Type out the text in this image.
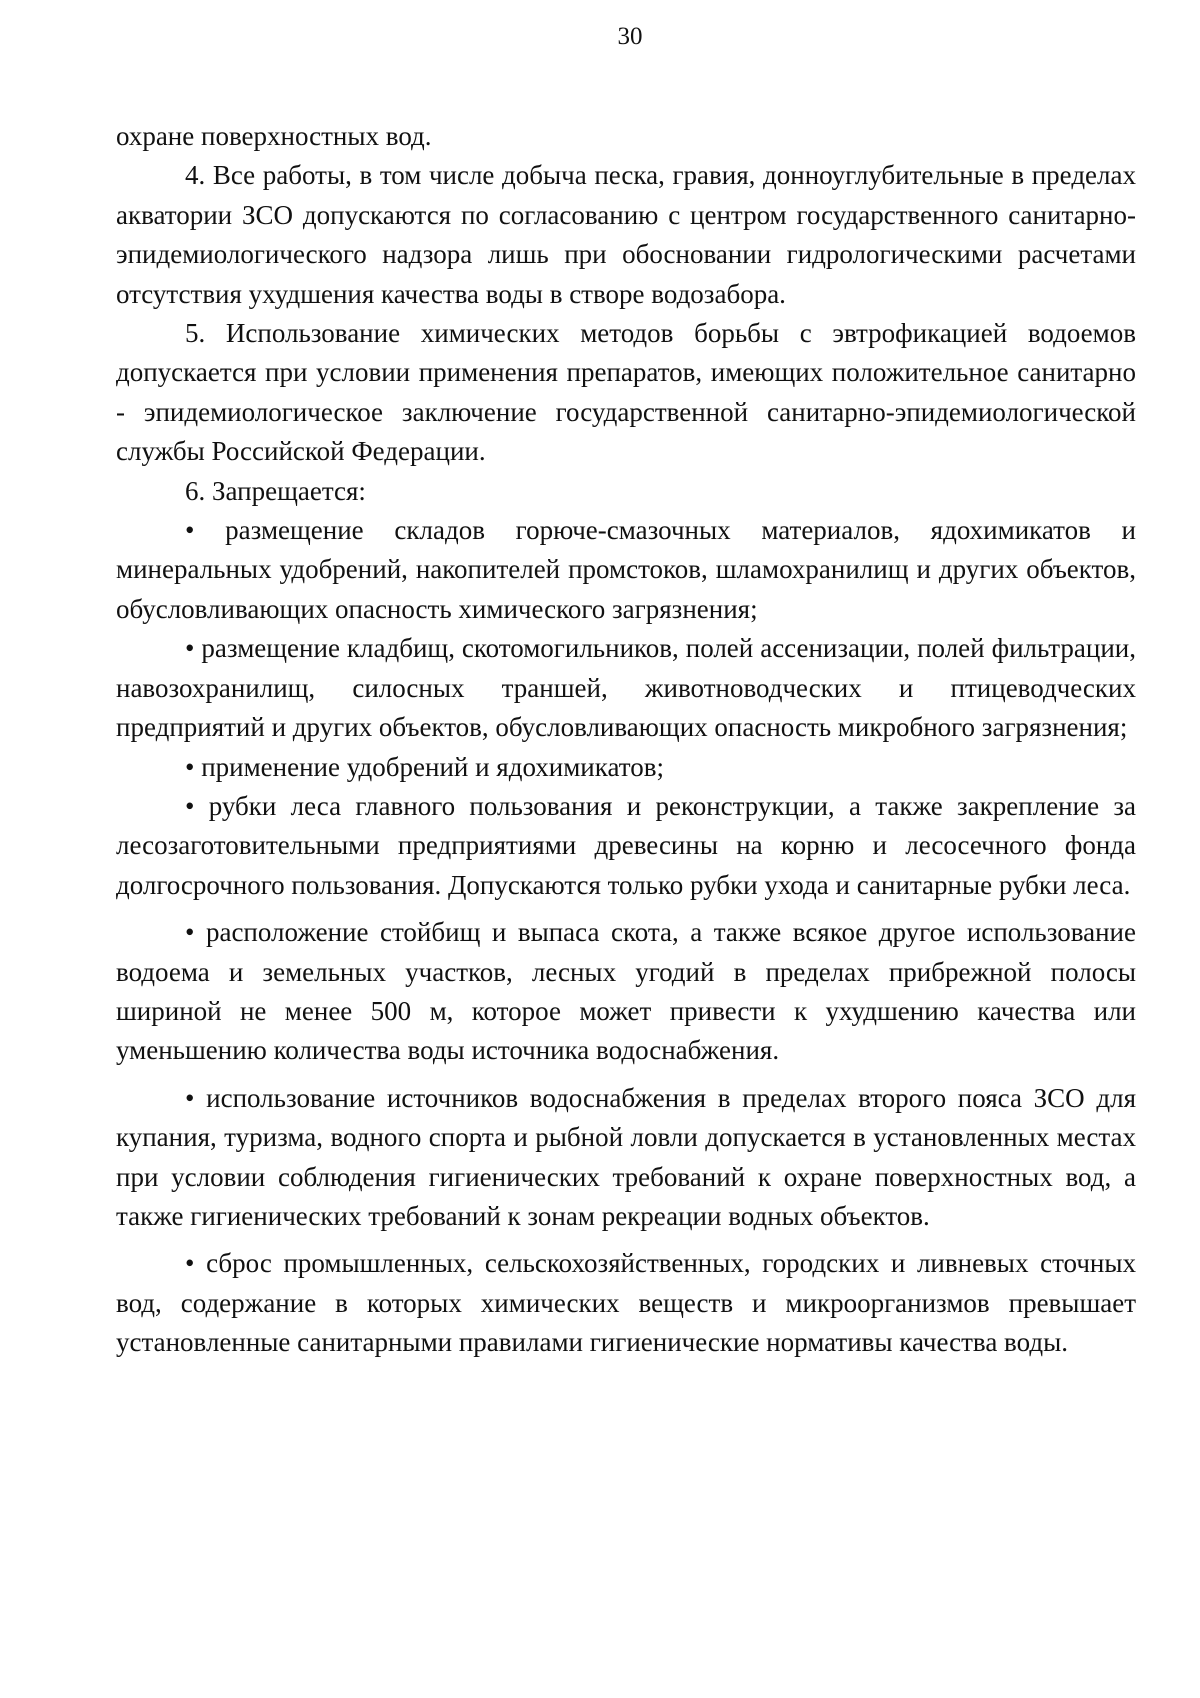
30

охране поверхностных вод.

4. Все работы, в том числе добыча песка, гравия, донноуглубительные в пределах акватории ЗСО допускаются по согласованию с центром государственного санитарно-эпидемиологического надзора лишь при обосновании гидрологическими расчетами отсутствия ухудшения качества воды в створе водозабора.

5. Использование химических методов борьбы с эвтрофикацией водоемов допускается при условии применения препаратов, имеющих положительное санитарно - эпидемиологическое заключение государственной санитарно-эпидемиологической службы Российской Федерации.

6. Запрещается:

• размещение складов горюче-смазочных материалов, ядохимикатов и минеральных удобрений, накопителей промстоков, шламохранилищ и других объектов, обусловливающих опасность химического загрязнения;

• размещение кладбищ, скотомогильников, полей ассенизации, полей фильтрации, навозохранилищ, силосных траншей, животноводческих и птицеводческих предприятий и других объектов, обусловливающих опасность микробного загрязнения;

• применение удобрений и ядохимикатов;

• рубки леса главного пользования и реконструкции, а также закрепление за лесозаготовительными предприятиями древесины на корню и лесосечного фонда долгосрочного пользования. Допускаются только рубки ухода и санитарные рубки леса.

• расположение стойбищ и выпаса скота, а также всякое другое использование водоема и земельных участков, лесных угодий в пределах прибрежной полосы шириной не менее 500 м, которое может привести к ухудшению качества или уменьшению количества воды источника водоснабжения.

• использование источников водоснабжения в пределах второго пояса ЗСО для купания, туризма, водного спорта и рыбной ловли допускается в установленных местах при условии соблюдения гигиенических требований к охране поверхностных вод, а также гигиенических требований к зонам рекреации водных объектов.

• сброс промышленных, сельскохозяйственных, городских и ливневых сточных вод, содержание в которых химических веществ и микроорганизмов превышает установленные санитарными правилами гигиенические нормативы качества воды.
